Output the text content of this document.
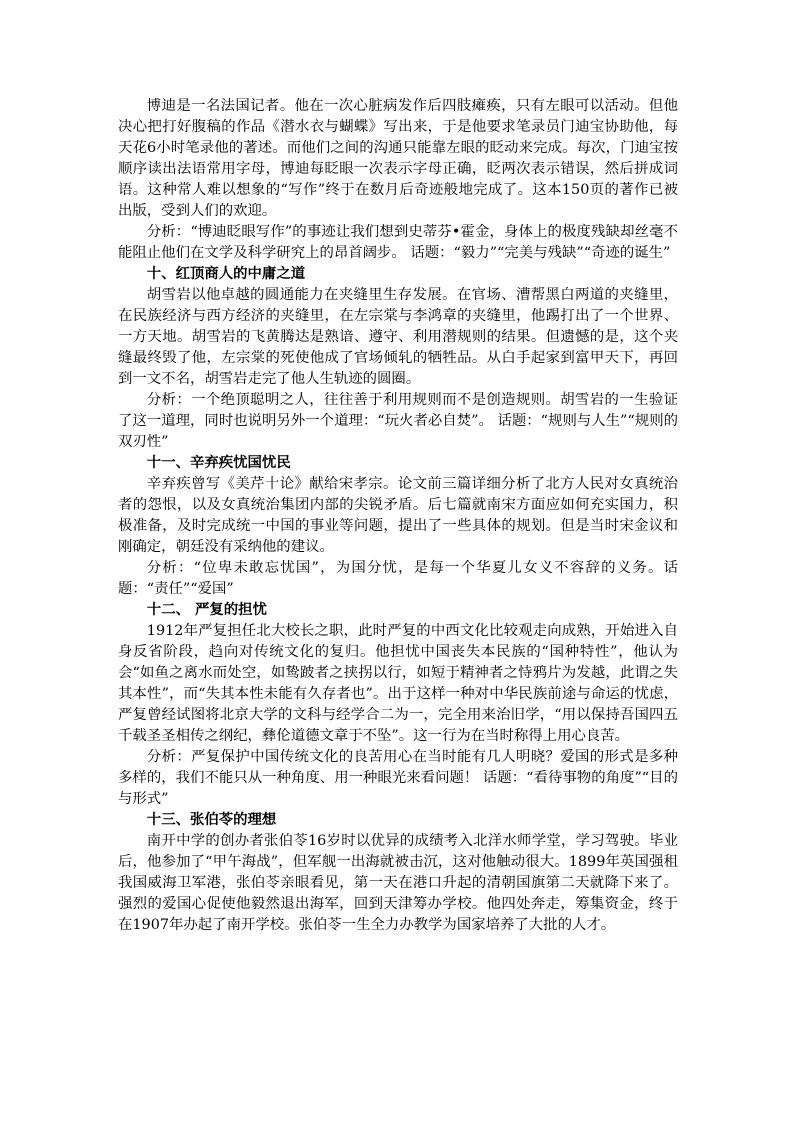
博迪是一名法国记者。他在一次心脏病发作后四肢瘫痪，只有左眼可以活动。但他决心把打好腹稿的作品《潜水衣与蝴蝶》写出来，于是他要求笔录员门迪宝协助他，每天花6小时笔录他的著述。而他们之间的沟通只能靠左眼的眨动来完成。每次，门迪宝按顺序读出法语常用字母，博迪每眨眼一次表示字母正确，眨两次表示错误，然后拼成词语。这种常人难以想象的“写作”终于在数月后奇迹般地完成了。这本150页的著作已被出版，受到人们的欢迎。

分析：“博迪眨眼写作”的事迹让我们想到史蒂芬•霍金，身体上的极度残缺却丝毫不能阻止他们在文学及科学研究上的昂首阔步。 话题：“毅力”“完美与残缺”“奇迹的诞生”

十、红顶商人的中庸之道

胡雪岩以他卓越的圆通能力在夹缝里生存发展。在官场、漕帮黑白两道的夹缝里，在民族经济与西方经济的夹缝里，在左宗棠与李鸿章的夹缝里，他踢打出了一个世界、一方天地。胡雪岩的飞黄腾达是熟谙、遵守、利用潜规则的结果。但遗憾的是，这个夹缝最终毁了他，左宗棠的死使他成了官场倾轧的牺牲品。从白手起家到富甲天下，再回到一文不名，胡雪岩走完了他人生轨迹的圆圈。

分析：一个绝顶聪明之人，往往善于利用规则而不是创造规则。胡雪岩的一生验证了这一道理，同时也说明另外一个道理：“玩火者必自焚”。 话题：“规则与人生”“规则的双刃性”

十一、辛弃疾忧国忧民

辛弃疾曾写《美芹十论》献给宋孝宗。论文前三篇详细分析了北方人民对女真统治者的怨恨，以及女真统治集团内部的尖锐矛盾。后七篇就南宋方面应如何充实国力，积极准备，及时完成统一中国的事业等问题，提出了一些具体的规划。但是当时宋金议和刚确定，朝廷没有采纳他的建议。

分析：“位卑未敢忘忧国”，为国分忧，是每一个华夏儿女义不容辞的义务。话题：“责任”“爱国”

十二、 严复的担忧

1912年严复担任北大校长之职，此时严复的中西文化比较观走向成熟，开始进入自身反省阶段，趋向对传统文化的复归。他担忧中国丧失本民族的“国种特性”，他认为会“如鱼之离水而处空，如鸷跛者之挟拐以行，如短于精神者之恃鸦片为发越，此谓之失其本性”，而“失其本性未能有久存者也”。出于这样一种对中华民族前途与命运的忧虑，严复曾经试图将北京大学的文科与经学合二为一，完全用来治旧学，“用以保持吾国四五千载圣圣相传之纲纪，彝伦道德文章于不坠”。这一行为在当时称得上用心良苦。

分析：严复保护中国传统文化的良苦用心在当时能有几人明晓？爱国的形式是多种多样的，我们不能只从一种角度、用一种眼光来看问题！ 话题：“看待事物的角度”“目的与形式”

十三、张伯苓的理想

南开中学的创办者张伯苓16岁时以优异的成绩考入北洋水师学堂，学习驾驶。毕业后，他参加了“甲午海战”，但军舰一出海就被击沉，这对他触动很大。1899年英国强租我国威海卫军港，张伯苓亲眼看见，第一天在港口升起的清朝国旗第二天就降下来了。强烈的爱国心促使他毅然退出海军，回到天津筹办学校。他四处奔走，筹集资金，终于在1907年办起了南开学校。张伯苓一生全力办教学为国家培养了大批的人才。
